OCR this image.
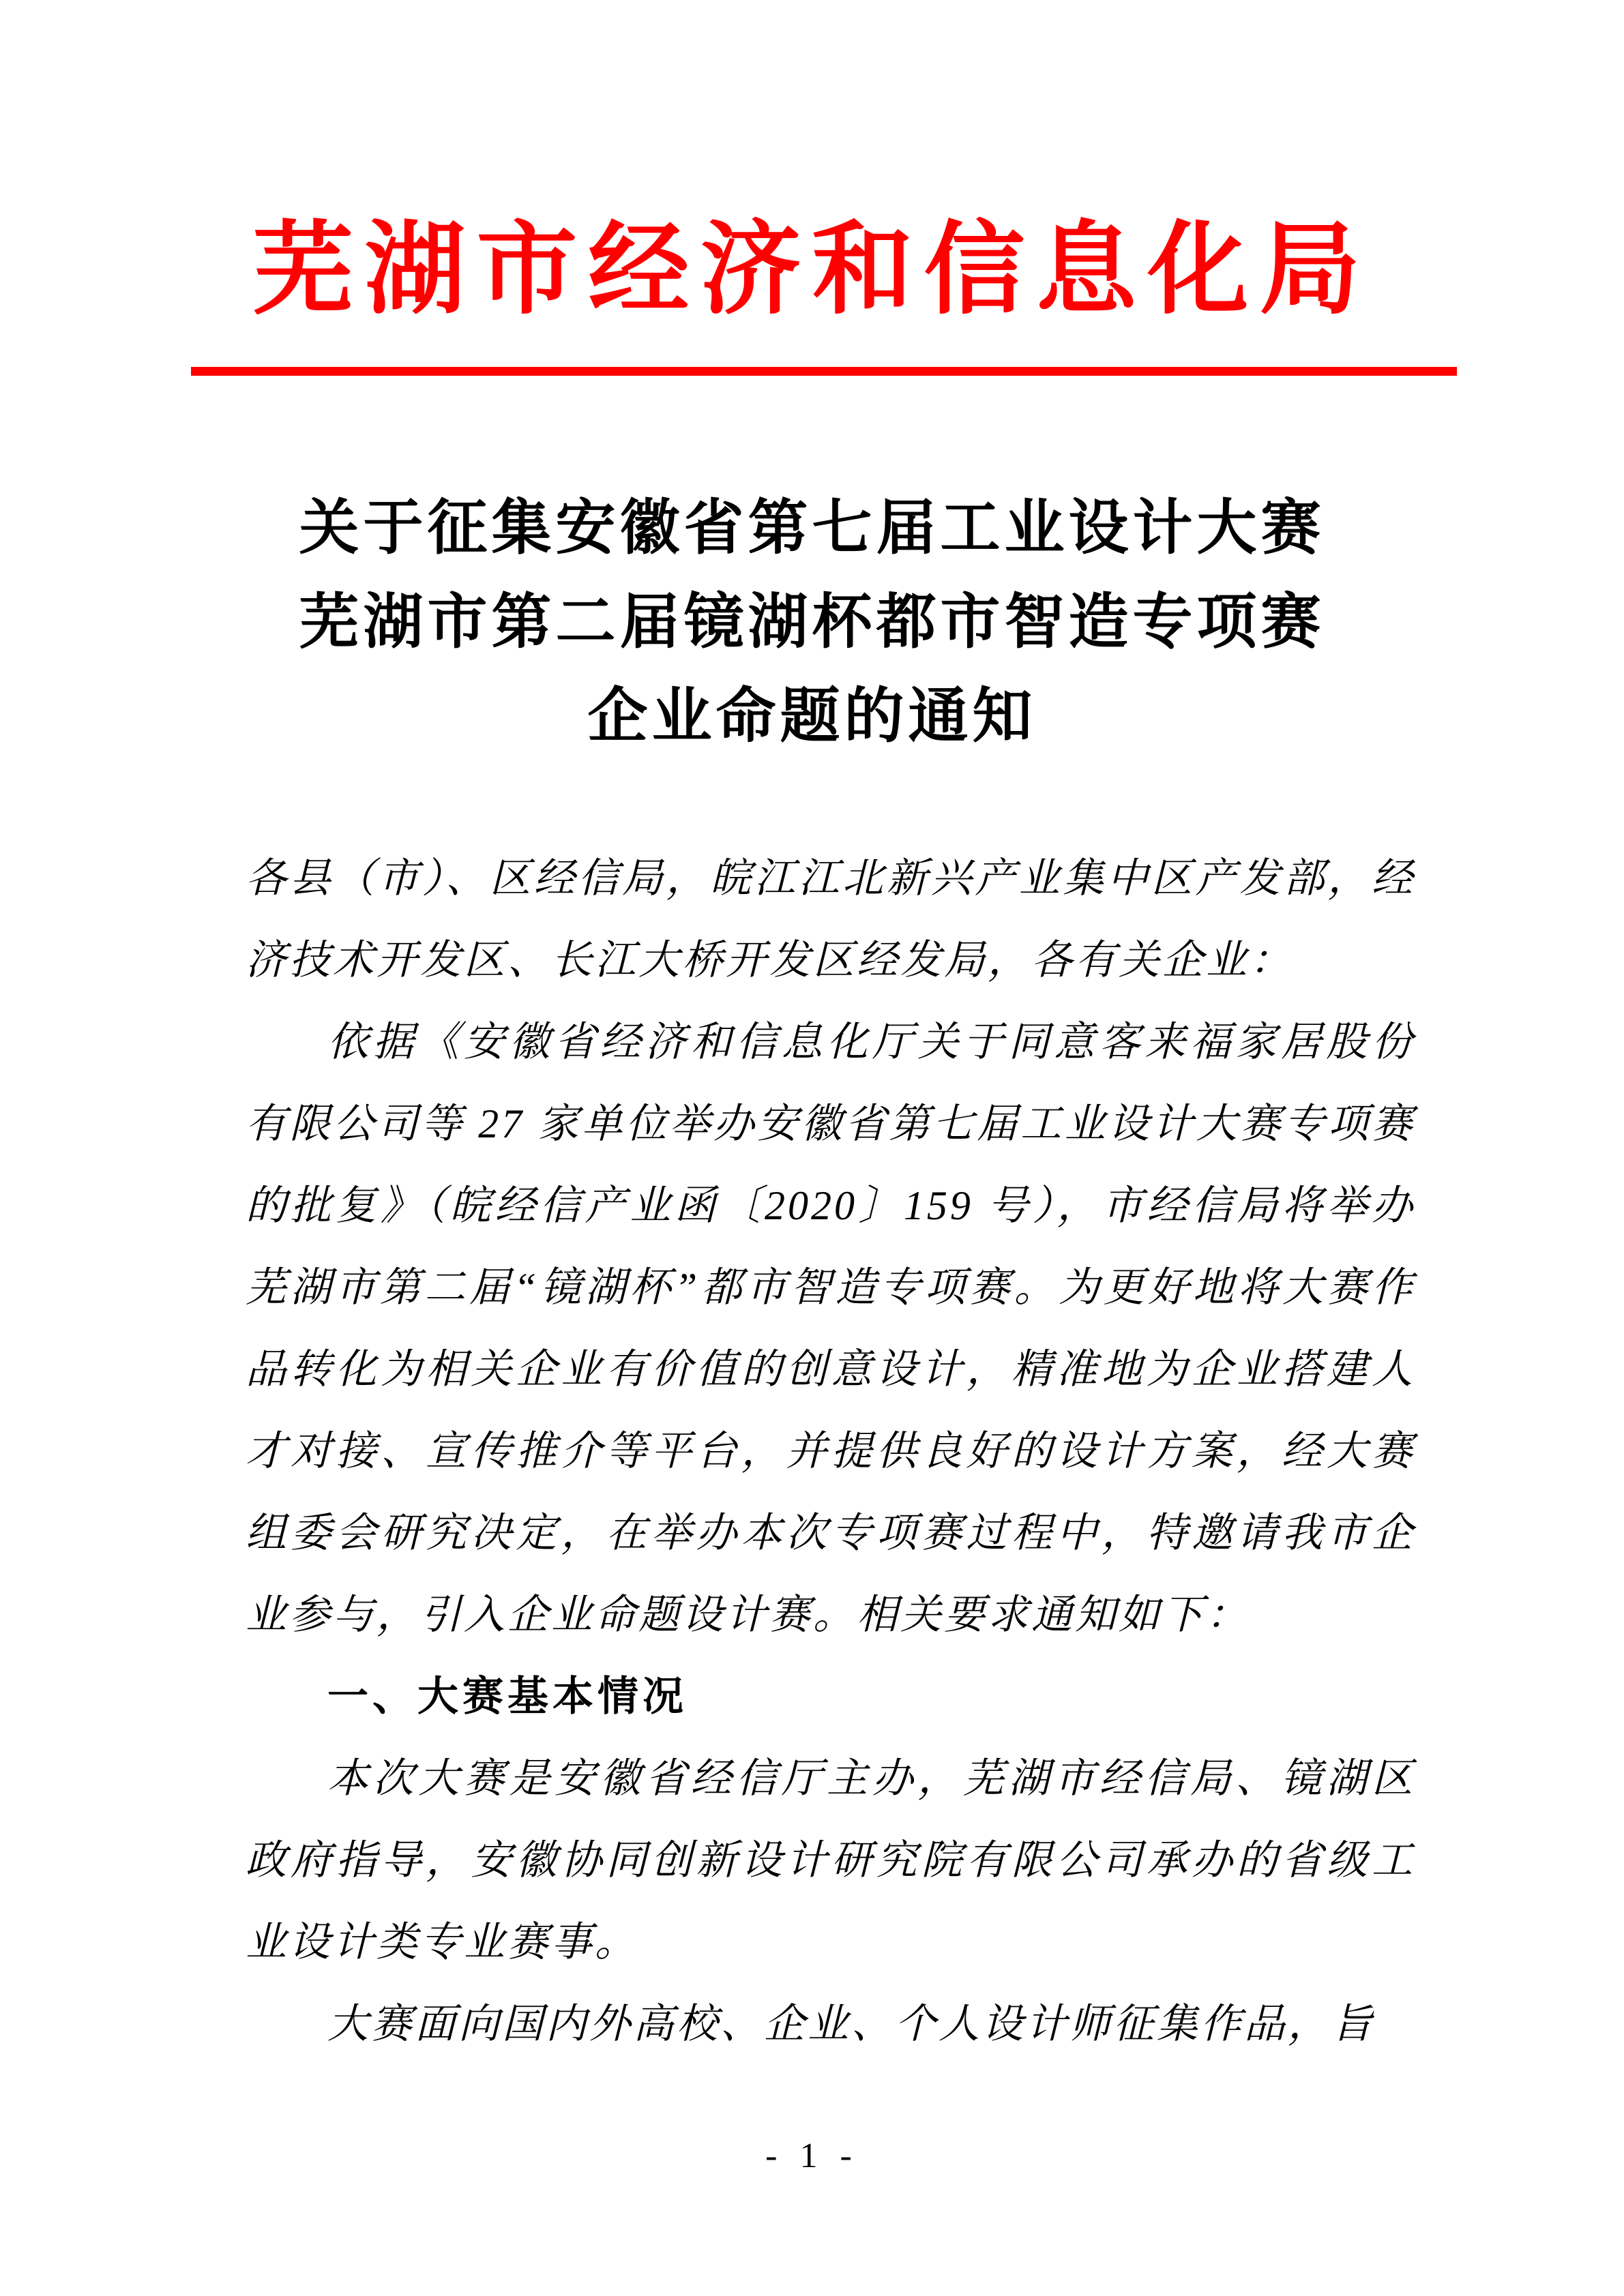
芜湖市经济和信息化局
关于征集安徽省第七届工业设计大赛
芜湖市第二届镜湖杯都市智造专项赛
企业命题的通知

各县（市）、区经信局，皖江江北新兴产业集中区产发部，经济技术开发区、长江大桥开发区经发局，各有关企业：

依据《安徽省经济和信息化厅关于同意客来福家居股份有限公司等 27 家单位举办安徽省第七届工业设计大赛专项赛的批复》（皖经信产业函〔2020〕159 号），市经信局将举办芜湖市第二届“镜湖杯”都市智造专项赛。为更好地将大赛作品转化为相关企业有价值的创意设计，精准地为企业搭建人才对接、宣传推介等平台，并提供良好的设计方案，经大赛组委会研究决定，在举办本次专项赛过程中，特邀请我市企业参与，引入企业命题设计赛。相关要求通知如下：

一、大赛基本情况

本次大赛是安徽省经信厅主办，芜湖市经信局、镜湖区政府指导，安徽协同创新设计研究院有限公司承办的省级工业设计类专业赛事。

大赛面向国内外高校、企业、个人设计师征集作品，旨

- 1 -
